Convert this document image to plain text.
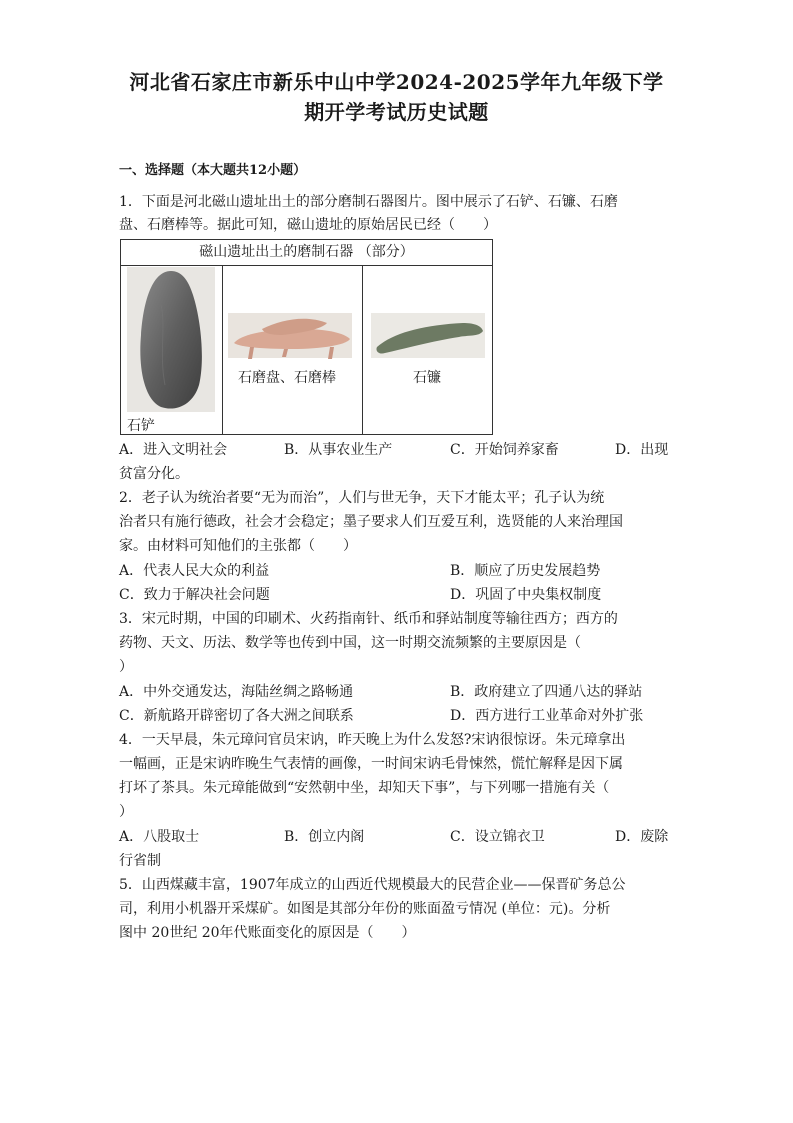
河北省石家庄市新乐中山中学2024-2025学年九年级下学
期开学考试历史试题
一、选择题（本大题共12小题）
1．下面是河北磁山遗址出土的部分磨制石器图片。图中展示了石铲、石镰、石磨
盘、石磨棒等。据此可知，磁山遗址的原始居民已经（　　）
磁山遗址出土的磨制石器 （部分）
石铲
石磨盘、石磨棒	石镰
A．进入文明社会	B．从事农业生产	C．开始饲养家畜	D．出现
贫富分化。
2．老子认为统治者要“无为而治”，人们与世无争，天下才能太平；孔子认为统
治者只有施行德政，社会才会稳定；墨子要求人们互爱互利，选贤能的人来治理国
家。由材料可知他们的主张都（　　）
A．代表人民大众的利益	B．顺应了历史发展趋势
C．致力于解决社会问题	D．巩固了中央集权制度
3．宋元时期，中国的印刷术、火药指南针、纸币和驿站制度等输往西方；西方的
药物、天文、历法、数学等也传到中国，这一时期交流频繁的主要原因是（
）
A．中外交通发达，海陆丝绸之路畅通	B．政府建立了四通八达的驿站
C．新航路开辟密切了各大洲之间联系	D．西方进行工业革命对外扩张
4．一天早晨，朱元璋问官员宋讷，昨天晚上为什么发怒?宋讷很惊讶。朱元璋拿出
一幅画，正是宋讷昨晚生气表情的画像，一时间宋讷毛骨悚然，慌忙解释是因下属
打坏了茶具。朱元璋能做到“安然朝中坐，却知天下事”，与下列哪一措施有关（
）
A．八股取士	B．创立内阁	C．设立锦衣卫	D．废除
行省制
5．山西煤藏丰富，1907年成立的山西近代规模最大的民营企业——保晋矿务总公
司，利用小机器开采煤矿。如图是其部分年份的账面盈亏情况 (单位：元)。分析
图中 20世纪 20年代账面变化的原因是（　　）
